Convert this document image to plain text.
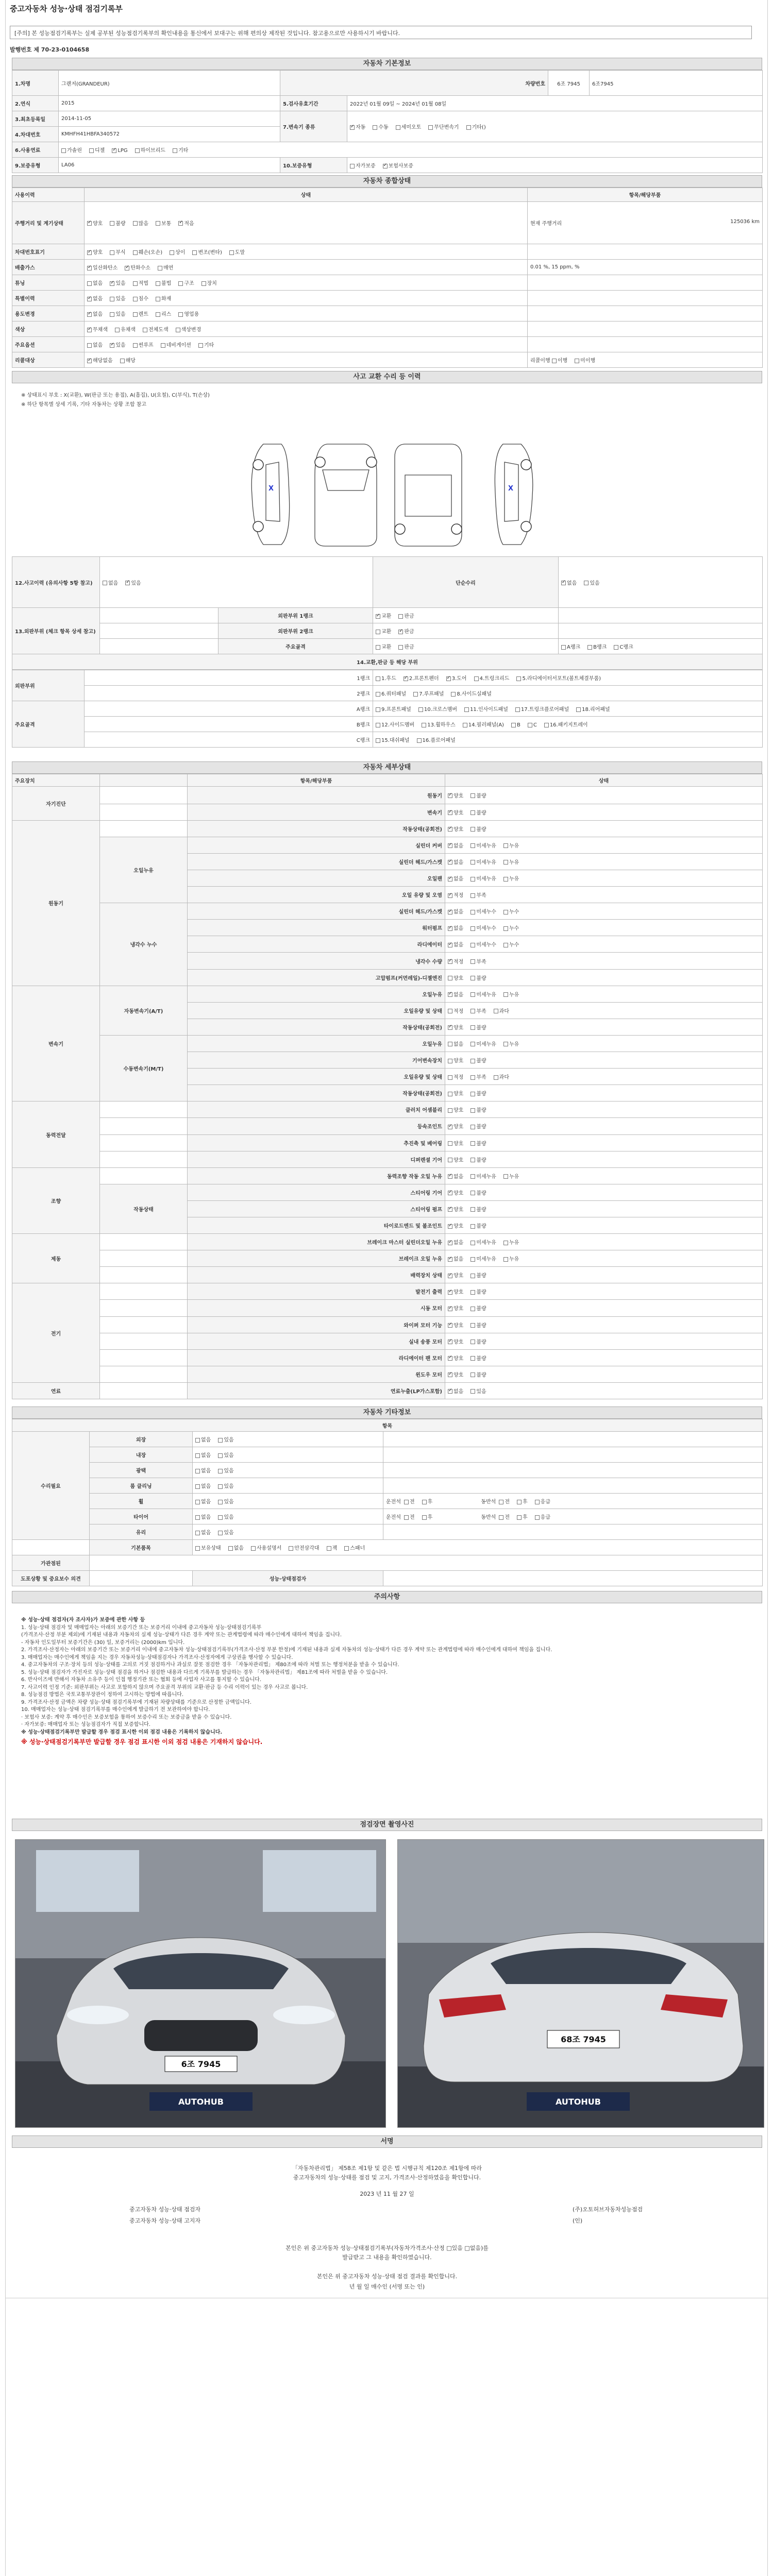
중고자동차 성능·상태 점검기록부
[주의] 본 성능점검기록부는 실제 공부된 성능점검기록부의 확인내용을 통신에서 보대구는 위해 편의상 제작된 것입니다. 참고용으로만 사용하시기 바랍니다.
발행번호 제 70-23-0104658
자동차 기본정보
1.차명	그랜저(GRANDEUR)	차량번호		6조 7945	6조7945
2.연식	2015	5.검사유효기간	2022년 01월 09일 ~ 2024년 01월 08일		
3.최초등록일	2014-11-05	7.변속기 종류	✓자동 수동 세미오토 무단변속기 기타()
4.차대번호	KMHFH41HBFA340572				
6.사용연료	가솔린 디젤 ✓ LPG 하이브리드 기타
9.보증유형	LA06	10.보증유형	자가보증 ✓ 보험사보증
자동차 종합상태
사용이력	상태	항목/해당부품
주행거리 및 계기상태	✓양호 불량 많음 보통 ✓ 적음	현재 주행거리 125036 km

차대번호표기	✓양호 부식 훼손(오손) 상이 변조(변타) 도말	
배출가스	✓일산화탄소 ✓ 탄화수소 매연	0.01 %, 15 ppm, %
튜닝	없음 ✓ 있음 적법 불법 구조 장치	
특별이력	✓없음 있음 침수 화재	
용도변경	✓없음 있음 렌트 리스 영업용	
색상	✓무채색 유채색 전체도색 색상변경	
주요옵션	없음 ✓ 있음 썬루프 네비게이션 기타	
리콜대상	✓해당없음 해당	리콜이행 이행 미이행
사고 교환 수리 등 이력
※ 상태표시 부호 : X(교환), W(판금 또는 용접), A(흠집), U(요철), C(부식), T(손상)
※ 하단 항목별 상세 기록, 기타 자동차는 상황 조합 참고
X	X
12.사고이력 (유의사항 5항 참고)	없음 ✓ 있음		단순수리	✓없음 있음
13.외판부위 (체크 항목 상세 참고)		외판부위 1랭크	✓교환 판금	
		외판부위 2랭크	교환 ✓ 판금	
		주요골격	교환 판금	A랭크 B랭크 C랭크
14.교환,판금 등 해당 부위				
외판부위	1랭크	1.후드 ✓ 2.프론트펜더 ✓ 3.도어 4.트렁크리드 5.라디에이터서포트(볼트체결부품)
	2랭크	6.쿼터패널 7.루프패널 8.사이드실패널
주요골격	A랭크	9.프론트패널 10.크로스멤버 11.인사이드패널 17.트렁크플로어패널 18.리어패널
	B랭크	12.사이드멤버 13.휠하우스 14.필러패널(A) B C 16.패키지트레이
	C랭크	15.대쉬패널 16.플로어패널
자동차 세부상태
주요장치		항목/해당부품	상태
자기진단		원동기	✓양호 불량
		변속기	✓양호 불량
원동기		작동상태(공회전)	✓양호 불량
	오일누유	실린더 커버	✓없음 미세누유 누유
		실린더 헤드/가스켓	✓없음 미세누유 누유
		오일팬	✓없음 미세누유 누유
		오일 유량 및 오염	✓적정 부족
	냉각수 누수	실린더 헤드/가스켓	✓없음 미세누수 누수
		워터펌프	✓없음 미세누수 누수
		라디에이터	✓없음 미세누수 누수
		냉각수 수량	✓적정 부족
		고압펌프(커먼레일)-디젤엔진	양호 불량
변속기	자동변속기(A/T)	오일누유	✓없음 미세누유 누유
		오일유량 및 상태	적정 부족 과다
		작동상태(공회전)	✓양호 불량
	수동변속기(M/T)	오일누유	없음 미세누유 누유
		기어변속장치	양호 불량
		오일유량 및 상태	적정 부족 과다
		작동상태(공회전)	양호 불량
동력전달		클러치 어셈블리	양호 불량
		등속조인트	✓양호 불량
		추진축 및 베어링	양호 불량
		디퍼렌셜 기어	양호 불량
조향		동력조향 작동 오일 누유	✓없음 미세누유 누유
	작동상태	스티어링 기어	✓양호 불량
		스티어링 펌프	✓양호 불량
		타이로드엔드 및 볼조인트	✓양호 불량
제동		브레이크 마스터 실린더오일 누유	✓없음 미세누유 누유
		브레이크 오일 누유	✓없음 미세누유 누유
		배력장치 상태	✓양호 불량
전기		발전기 출력	✓양호 불량
		시동 모터	✓양호 불량
		와이퍼 모터 기능	✓양호 불량
		실내 송풍 모터	✓양호 불량
		라디에이터 팬 모터	✓양호 불량
		윈도우 모터	✓양호 불량
연료		연료누출(LP가스포함)	✓없음 있음
자동차 기타정보
항목			
수리필요	외장	없음 있음	
	내장	없음 있음	
	광택	없음 있음	
	룸 클리닝	없음 있음	
	휠	없음 있음	운전석 전 후 동반석 전 후 응급
	타이어	없음 있음	운전석 전 후 동반석 전 후 응급
	유리	없음 있음	
	기본품목	보유상태 없음 사용설명서 안전삼각대 잭 스패너	
가관점된			
도포상황 및 중요보수 의견		성능·상태점검자	
주의사항

※ 성능·상태 점검자(자 조사자)가 보증에 관한 사항 등

1. 성능·상태 점검자 및 매매업자는 아래의 보증기간 또는 보증거리 이내에 중고자동차 성능·상태점검기록부

(가격조사·산정 부분 제외)에 기재된 내용과 자동차의 실제 성능·상태가 다른 경우 계약 또는 관계법령에 따라 매수인에게 대하여 책임을 집니다.

- 자동차 인도일부터 보증기간은 (30) 일, 보증거리는 (2000)km 입니다.

2. 가격조사·산정자는 아래의 보증기간 또는 보증거리 이내에 중고자동차 성능·상태점검기록부(가격조사·산정 부분 한정)에 기재된 내용과 실제 자동차의 성능·상태가 다른 경우 계약 또는 관계법령에 따라 매수인에게 대하여 책임을 집니다.

3. 매매업자는 매수인에게 책임을 지는 경우 자동차성능·상태점검자나 가격조사·산정자에게 구상권을 행사할 수 있습니다.

4. 중고자동차의 구조·장치 등의 성능·상태를 고의로 거짓 점검하거나 과실로 잘못 점검한 경우 「자동차관리법」 제80조에 따라 처벌 또는 행정처분을 받을 수 있습니다.

5. 성능·상태 점검자가 가진자로 성능·상태 점검을 하거나 점검한 내용과 다르게 기록부를 발급하는 경우 「자동차관리법」 제81조에 따라 처벌을 받을 수 있습니다.

6. 반사이즈에 반해서 자동차 소유주 등이 인접 행정기관 또는 협회 등에 사업자 사고를 통지할 수 있습니다.

7. 사고이력 인정 기준: 외판부위는 사고로 포함하지 않으며 주요골격 부위의 교환·판금 등 수리 이력이 있는 경우 사고로 봅니다.

8. 성능점검 방법은 국토교통부장관이 정하여 고시하는 방법에 따릅니다.

9. 가격조사·산정 금액은 차량 성능·상태 점검기록부에 기재된 차량상태를 기준으로 산정한 금액입니다.

10. 매매업자는 성능·상태 점검기록부를 매수인에게 발급하기 전 보관하여야 합니다.

· 보험사 보증: 계약 후 매수인은 보증보험을 통하여 보증수리 또는 보증금을 받을 수 있습니다.

· 자가보증: 매매업자 또는 성능점검자가 직접 보증합니다.

※ 성능·상태점검기록부만 발급할 경우 점검 표시한 이외 점검 내용은 기록하지 않습니다.

※ 성능·상태점검기록부만 발급할 경우 점검 표시한 이외 점검 내용은 기재하지 않습니다.

점검장면 촬영사진
6조 7945
AUTOHUB
68조 7945
AUTOHUB
서명
「자동차관리법」 제58조 제1항 및 같은 법 시행규칙 제120조 제1항에 따라
중고자동차의 성능·상태를 점검 및 고지, 가격조사·산정하였음을 확인합니다.
2023 년 11 월 27 일
중고자동차 성능·상태 점검자	(주)오토허브자동차성능점검
중고자동차 성능·상태 고지자	(인)
본인은 위 중고자동차 성능·상태점검기록부(자동차가격조사·산정 □있음 □없음)를
발급받고 그 내용을 확인하였습니다.
본인은 위 중고자동차 성능·상태 점검 결과를 확인합니다.
년 월 일 매수인 (서명 또는 인)
